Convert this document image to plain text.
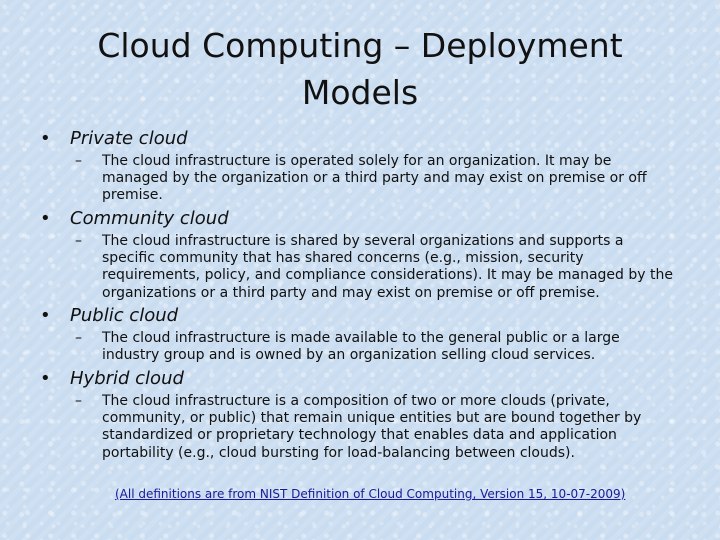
Cloud Computing – Deployment Models
• Private cloud
– The cloud infrastructure is operated solely for an organization. It may be managed by the organization or a third party and may exist on premise or off premise.
• Community cloud
– The cloud infrastructure is shared by several organizations and supports a specific community that has shared concerns (e.g., mission, security requirements, policy, and compliance considerations). It may be managed by the organizations or a third party and may exist on premise or off premise.
• Public cloud
– The cloud infrastructure is made available to the general public or a large industry group and is owned by an organization selling cloud services.
• Hybrid cloud
– The cloud infrastructure is a composition of two or more clouds (private, community, or public) that remain unique entities but are bound together by standardized or proprietary technology that enables data and application portability (e.g., cloud bursting for load-balancing between clouds).
(All definitions are from NIST Definition of Cloud Computing, Version 15, 10-07-2009)
